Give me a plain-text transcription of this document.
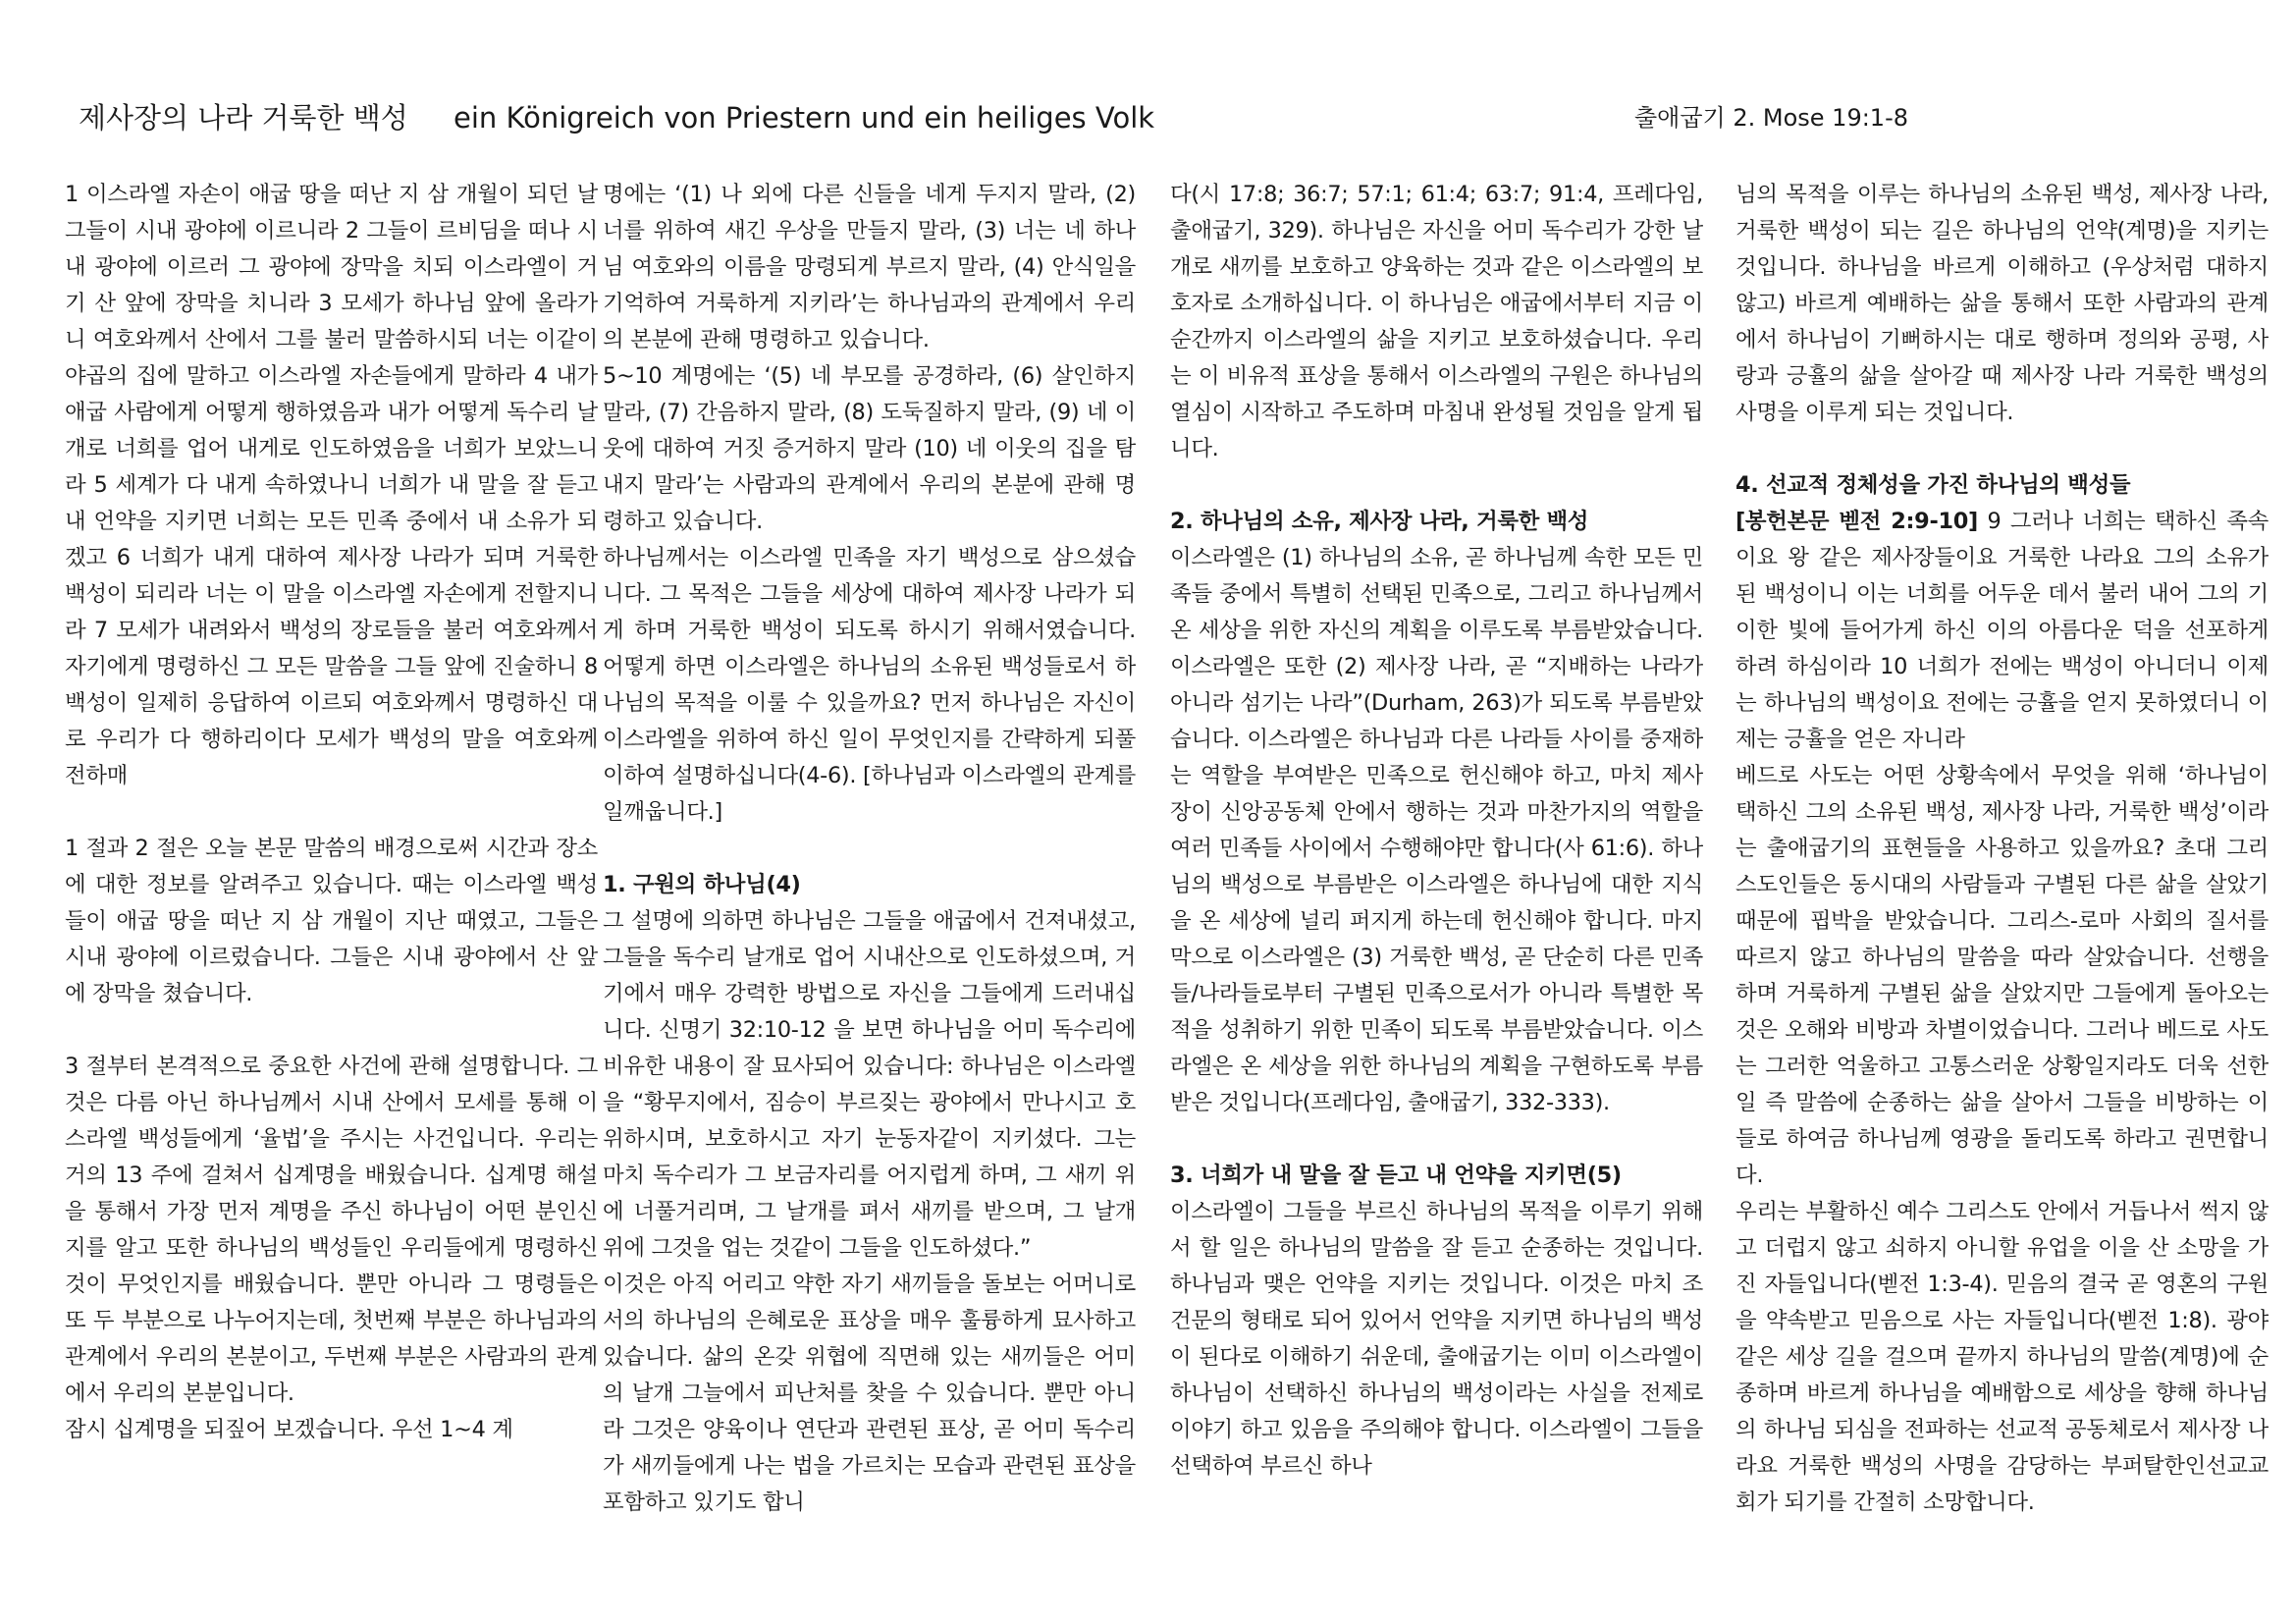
제사장의 나라 거룩한 백성 ein Königreich von Priestern und ein heiliges Volk	출애굽기 2. Mose 19:1-8

1 이스라엘 자손이 애굽 땅을 떠난 지 삼 개월이 되던 날 그들이 시내 광야에 이르니라 2 그들이 르비딤을 떠나 시내 광야에 이르러 그 광야에 장막을 치되 이스라엘이 거기 산 앞에 장막을 치니라 3 모세가 하나님 앞에 올라가니 여호와께서 산에서 그를 불러 말씀하시되 너는 이같이 야곱의 집에 말하고 이스라엘 자손들에게 말하라 4 내가 애굽 사람에게 어떻게 행하였음과 내가 어떻게 독수리 날개로 너희를 업어 내게로 인도하였음을 너희가 보았느니라 5 세계가 다 내게 속하였나니 너희가 내 말을 잘 듣고 내 언약을 지키면 너희는 모든 민족 중에서 내 소유가 되겠고 6 너희가 내게 대하여 제사장 나라가 되며 거룩한 백성이 되리라 너는 이 말을 이스라엘 자손에게 전할지니라 7 모세가 내려와서 백성의 장로들을 불러 여호와께서 자기에게 명령하신 그 모든 말씀을 그들 앞에 진술하니 8 백성이 일제히 응답하여 이르되 여호와께서 명령하신 대로 우리가 다 행하리이다 모세가 백성의 말을 여호와께 전하매

1 절과 2 절은 오늘 본문 말씀의 배경으로써 시간과 장소에 대한 정보를 알려주고 있습니다. 때는 이스라엘 백성들이 애굽 땅을 떠난 지 삼 개월이 지난 때였고, 그들은 시내 광야에 이르렀습니다. 그들은 시내 광야에서 산 앞에 장막을 쳤습니다.

3 절부터 본격적으로 중요한 사건에 관해 설명합니다. 그것은 다름 아닌 하나님께서 시내 산에서 모세를 통해 이스라엘 백성들에게 ‘율법’을 주시는 사건입니다. 우리는 거의 13 주에 걸쳐서 십계명을 배웠습니다. 십계명 해설을 통해서 가장 먼저 계명을 주신 하나님이 어떤 분인신지를 알고 또한 하나님의 백성들인 우리들에게 명령하신 것이 무엇인지를 배웠습니다. 뿐만 아니라 그 명령들은 또 두 부분으로 나누어지는데, 첫번째 부분은 하나님과의 관계에서 우리의 본분이고, 두번째 부분은 사람과의 관계에서 우리의 본분입니다.

잠시 십계명을 되짚어 보겠습니다. 우선 1~4 계

명에는 ‘(1) 나 외에 다른 신들을 네게 두지지 말라, (2) 너를 위하여 새긴 우상을 만들지 말라, (3) 너는 네 하나님 여호와의 이름을 망령되게 부르지 말라, (4) 안식일을 기억하여 거룩하게 지키라’는 하나님과의 관계에서 우리의 본분에 관해 명령하고 있습니다.

5~10 계명에는 ‘(5) 네 부모를 공경하라, (6) 살인하지 말라, (7) 간음하지 말라, (8) 도둑질하지 말라, (9) 네 이웃에 대하여 거짓 증거하지 말라 (10) 네 이웃의 집을 탐내지 말라’는 사람과의 관계에서 우리의 본분에 관해 명령하고 있습니다.

하나님께서는 이스라엘 민족을 자기 백성으로 삼으셨습니다. 그 목적은 그들을 세상에 대하여 제사장 나라가 되게 하며 거룩한 백성이 되도록 하시기 위해서였습니다. 어떻게 하면 이스라엘은 하나님의 소유된 백성들로서 하나님의 목적을 이룰 수 있을까요? 먼저 하나님은 자신이 이스라엘을 위하여 하신 일이 무엇인지를 간략하게 되풀이하여 설명하십니다(4-6). [하나님과 이스라엘의 관계를 일깨웁니다.]

1. 구원의 하나님(4)

그 설명에 의하면 하나님은 그들을 애굽에서 건져내셨고, 그들을 독수리 날개로 업어 시내산으로 인도하셨으며, 거기에서 매우 강력한 방법으로 자신을 그들에게 드러내십니다. 신명기 32:10-12 을 보면 하나님을 어미 독수리에 비유한 내용이 잘 묘사되어 있습니다: 하나님은 이스라엘을 “황무지에서, 짐승이 부르짖는 광야에서 만나시고 호위하시며, 보호하시고 자기 눈동자같이 지키셨다. 그는 마치 독수리가 그 보금자리를 어지럽게 하며, 그 새끼 위에 너풀거리며, 그 날개를 펴서 새끼를 받으며, 그 날개 위에 그것을 업는 것같이 그들을 인도하셨다.”

이것은 아직 어리고 약한 자기 새끼들을 돌보는 어머니로서의 하나님의 은혜로운 표상을 매우 훌륭하게 묘사하고 있습니다. 삶의 온갖 위협에 직면해 있는 새끼들은 어미의 날개 그늘에서 피난처를 찾을 수 있습니다. 뿐만 아니라 그것은 양육이나 연단과 관련된 표상, 곧 어미 독수리가 새끼들에게 나는 법을 가르치는 모습과 관련된 표상을 포함하고 있기도 합니

다(시 17:8; 36:7; 57:1; 61:4; 63:7; 91:4, 프레다임, 출애굽기, 329). 하나님은 자신을 어미 독수리가 강한 날개로 새끼를 보호하고 양육하는 것과 같은 이스라엘의 보호자로 소개하십니다. 이 하나님은 애굽에서부터 지금 이 순간까지 이스라엘의 삶을 지키고 보호하셨습니다. 우리는 이 비유적 표상을 통해서 이스라엘의 구원은 하나님의 열심이 시작하고 주도하며 마침내 완성될 것임을 알게 됩니다.

2. 하나님의 소유, 제사장 나라, 거룩한 백성

이스라엘은 (1) 하나님의 소유, 곧 하나님께 속한 모든 민족들 중에서 특별히 선택된 민족으로, 그리고 하나님께서 온 세상을 위한 자신의 계획을 이루도록 부름받았습니다. 이스라엘은 또한 (2) 제사장 나라, 곧 “지배하는 나라가 아니라 섬기는 나라”(Durham, 263)가 되도록 부름받았습니다. 이스라엘은 하나님과 다른 나라들 사이를 중재하는 역할을 부여받은 민족으로 헌신해야 하고, 마치 제사장이 신앙공동체 안에서 행하는 것과 마찬가지의 역할을 여러 민족들 사이에서 수행해야만 합니다(사 61:6). 하나님의 백성으로 부름받은 이스라엘은 하나님에 대한 지식을 온 세상에 널리 퍼지게 하는데 헌신해야 합니다. 마지막으로 이스라엘은 (3) 거룩한 백성, 곧 단순히 다른 민족들/나라들로부터 구별된 민족으로서가 아니라 특별한 목적을 성취하기 위한 민족이 되도록 부름받았습니다. 이스라엘은 온 세상을 위한 하나님의 계획을 구현하도록 부름받은 것입니다(프레다임, 출애굽기, 332-333).

3. 너희가 내 말을 잘 듣고 내 언약을 지키면(5)

이스라엘이 그들을 부르신 하나님의 목적을 이루기 위해서 할 일은 하나님의 말씀을 잘 듣고 순종하는 것입니다. 하나님과 맺은 언약을 지키는 것입니다. 이것은 마치 조건문의 형태로 되어 있어서 언약을 지키면 하나님의 백성이 된다로 이해하기 쉬운데, 출애굽기는 이미 이스라엘이 하나님이 선택하신 하나님의 백성이라는 사실을 전제로 이야기 하고 있음을 주의해야 합니다. 이스라엘이 그들을 선택하여 부르신 하나

님의 목적을 이루는 하나님의 소유된 백성, 제사장 나라, 거룩한 백성이 되는 길은 하나님의 언약(계명)을 지키는 것입니다. 하나님을 바르게 이해하고 (우상처럼 대하지 않고) 바르게 예배하는 삶을 통해서 또한 사람과의 관계에서 하나님이 기뻐하시는 대로 행하며 정의와 공평, 사랑과 긍휼의 삶을 살아갈 때 제사장 나라 거룩한 백성의 사명을 이루게 되는 것입니다.

4. 선교적 정체성을 가진 하나님의 백성들

[봉헌본문 벧전 2:9-10] 9 그러나 너희는 택하신 족속이요 왕 같은 제사장들이요 거룩한 나라요 그의 소유가 된 백성이니 이는 너희를 어두운 데서 불러 내어 그의 기이한 빛에 들어가게 하신 이의 아름다운 덕을 선포하게 하려 하심이라 10 너희가 전에는 백성이 아니더니 이제는 하나님의 백성이요 전에는 긍휼을 얻지 못하였더니 이제는 긍휼을 얻은 자니라

베드로 사도는 어떤 상황속에서 무엇을 위해 ‘하나님이 택하신 그의 소유된 백성, 제사장 나라, 거룩한 백성’이라는 출애굽기의 표현들을 사용하고 있을까요? 초대 그리스도인들은 동시대의 사람들과 구별된 다른 삶을 살았기 때문에 핍박을 받았습니다. 그리스-로마 사회의 질서를 따르지 않고 하나님의 말씀을 따라 살았습니다. 선행을 하며 거룩하게 구별된 삶을 살았지만 그들에게 돌아오는 것은 오해와 비방과 차별이었습니다. 그러나 베드로 사도는 그러한 억울하고 고통스러운 상황일지라도 더욱 선한 일 즉 말씀에 순종하는 삶을 살아서 그들을 비방하는 이들로 하여금 하나님께 영광을 돌리도록 하라고 권면합니다.

우리는 부활하신 예수 그리스도 안에서 거듭나서 썩지 않고 더럽지 않고 쇠하지 아니할 유업을 이을 산 소망을 가진 자들입니다(벧전 1:3-4). 믿음의 결국 곧 영혼의 구원을 약속받고 믿음으로 사는 자들입니다(벧전 1:8). 광야 같은 세상 길을 걸으며 끝까지 하나님의 말씀(계명)에 순종하며 바르게 하나님을 예배함으로 세상을 향해 하나님의 하나님 되심을 전파하는 선교적 공동체로서 제사장 나라요 거룩한 백성의 사명을 감당하는 부퍼탈한인선교교회가 되기를 간절히 소망합니다.
